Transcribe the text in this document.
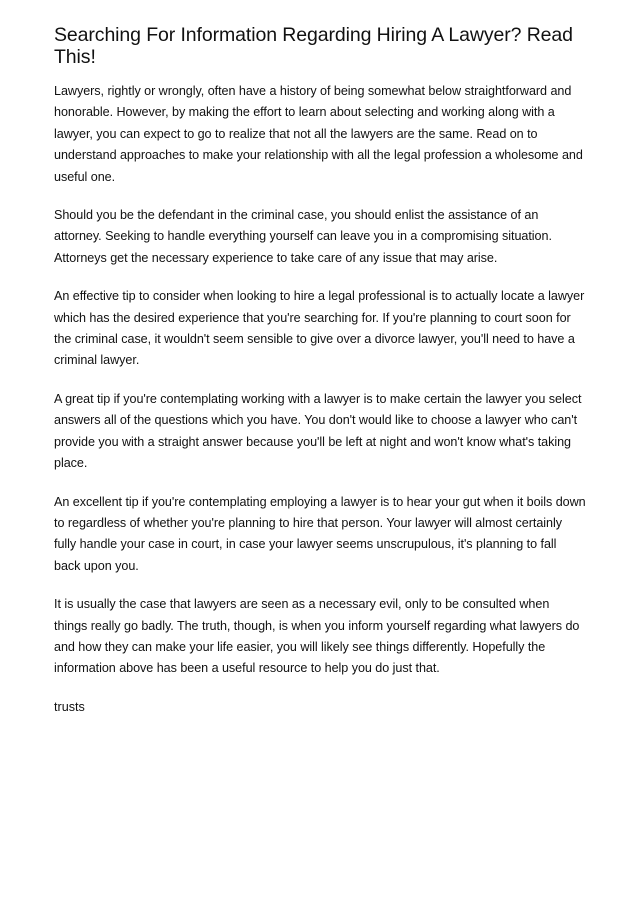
Searching For Information Regarding Hiring A Lawyer? Read This!

Lawyers, rightly or wrongly, often have a history of being somewhat below straightforward and honorable. However, by making the effort to learn about selecting and working along with a lawyer, you can expect to go to realize that not all the lawyers are the same. Read on to understand approaches to make your relationship with all the legal profession a wholesome and useful one.

Should you be the defendant in the criminal case, you should enlist the assistance of an attorney. Seeking to handle everything yourself can leave you in a compromising situation. Attorneys get the necessary experience to take care of any issue that may arise.

An effective tip to consider when looking to hire a legal professional is to actually locate a lawyer which has the desired experience that you're searching for. If you're planning to court soon for the criminal case, it wouldn't seem sensible to give over a divorce lawyer, you'll need to have a criminal lawyer.

A great tip if you're contemplating working with a lawyer is to make certain the lawyer you select answers all of the questions which you have. You don't would like to choose a lawyer who can't provide you with a straight answer because you'll be left at night and won't know what's taking place.

An excellent tip if you're contemplating employing a lawyer is to hear your gut when it boils down to regardless of whether you're planning to hire that person. Your lawyer will almost certainly fully handle your case in court, in case your lawyer seems unscrupulous, it's planning to fall back upon you.

It is usually the case that lawyers are seen as a necessary evil, only to be consulted when things really go badly. The truth, though, is when you inform yourself regarding what lawyers do and how they can make your life easier, you will likely see things differently. Hopefully the information above has been a useful resource to help you do just that.

trusts
